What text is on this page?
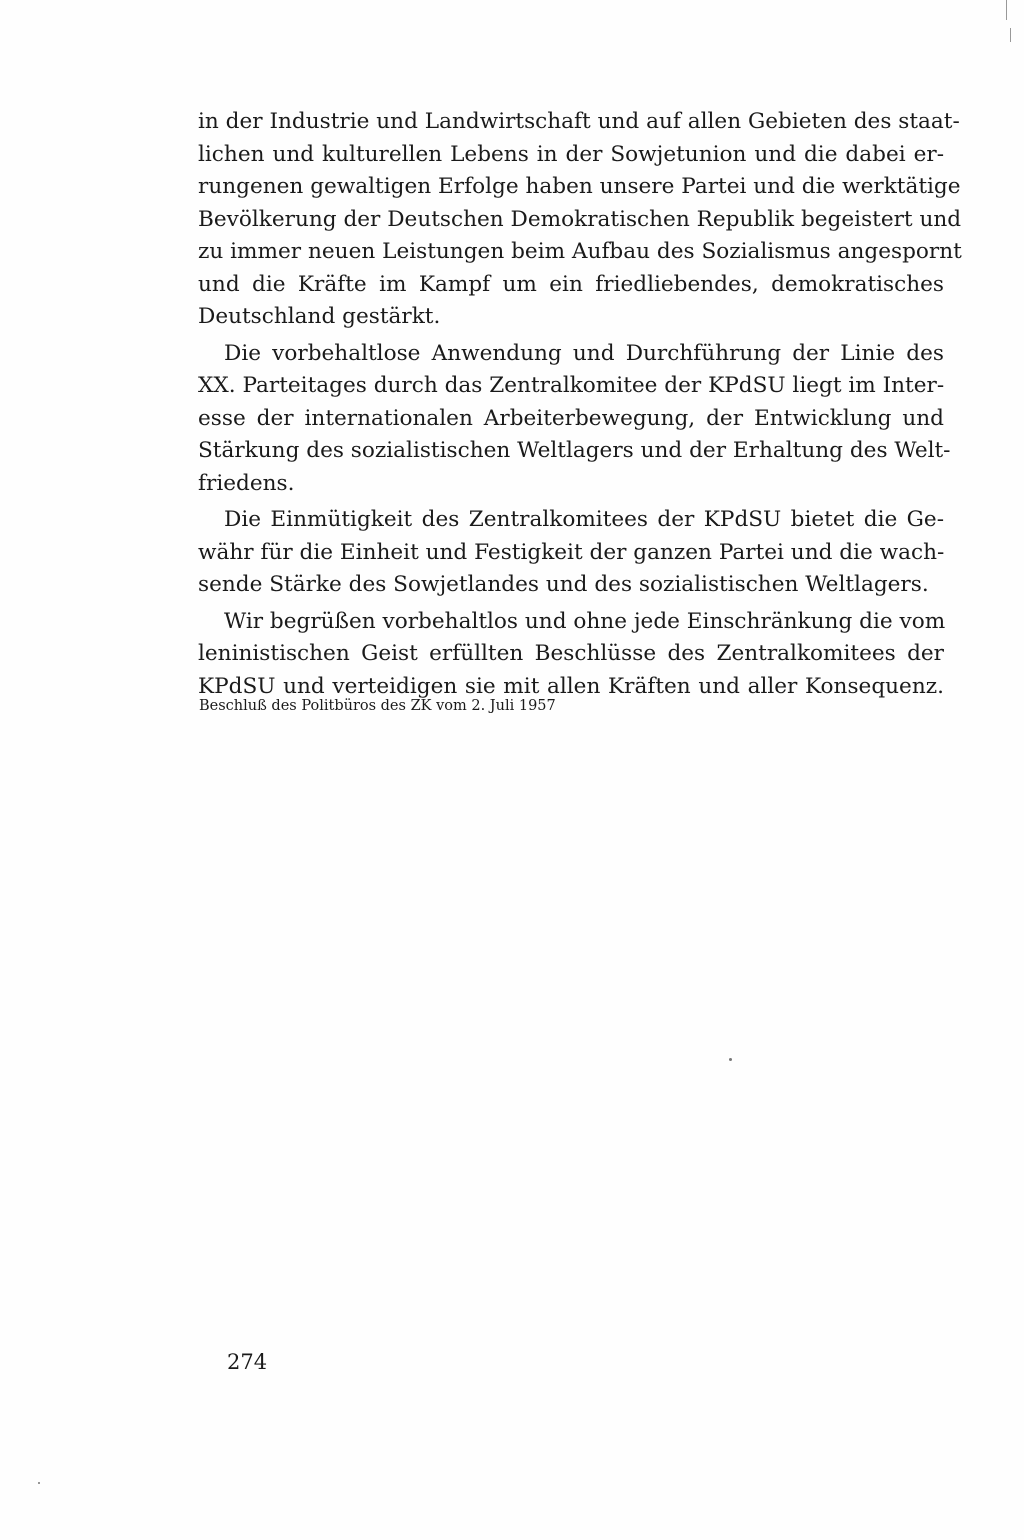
in der Industrie und Landwirtschaft und auf allen Gebieten des staat-
lichen und kulturellen Lebens in der Sowjetunion und die dabei er-
rungenen gewaltigen Erfolge haben unsere Partei und die werktätige
Bevölkerung der Deutschen Demokratischen Republik begeistert und
zu immer neuen Leistungen beim Aufbau des Sozialismus angespornt
und die Kräfte im Kampf um ein friedliebendes, demokratisches
Deutschland gestärkt.
Die vorbehaltlose Anwendung und Durchführung der Linie des
XX. Parteitages durch das Zentralkomitee der KPdSU liegt im Inter-
esse der internationalen Arbeiterbewegung, der Entwicklung und
Stärkung des sozialistischen Weltlagers und der Erhaltung des Welt-
friedens.
Die Einmütigkeit des Zentralkomitees der KPdSU bietet die Ge-
währ für die Einheit und Festigkeit der ganzen Partei und die wach-
sende Stärke des Sowjetlandes und des sozialistischen Weltlagers.
Wir begrüßen vorbehaltlos und ohne jede Einschränkung die vom
leninistischen Geist erfüllten Beschlüsse des Zentralkomitees der
KPdSU und verteidigen sie mit allen Kräften und aller Konsequenz.
Beschluß des Politbüros des ZK vom 2. Juli 1957
274
